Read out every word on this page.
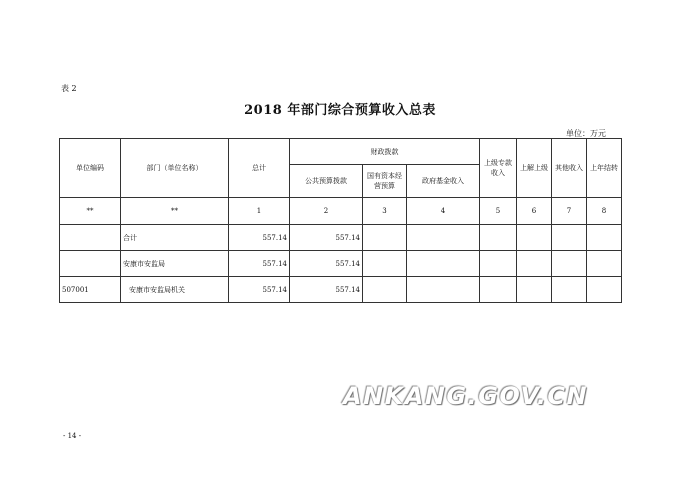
表 2
2018 年部门综合预算收入总表
单位：万元
单位编码	部门（单位名称）	总计	财政拨款			上级专款收入	上解上级	其他收入	上年结转
			公共预算拨款	国有资本经营预算	政府基金收入				
**	**	1	2	3	4	5	6	7	8
	合计	557.14	557.14						
	安康市安监局	557.14	557.14						
507001	安康市安监局机关	557.14	557.14						
ANKANG.GOV.CN
- 14 -
